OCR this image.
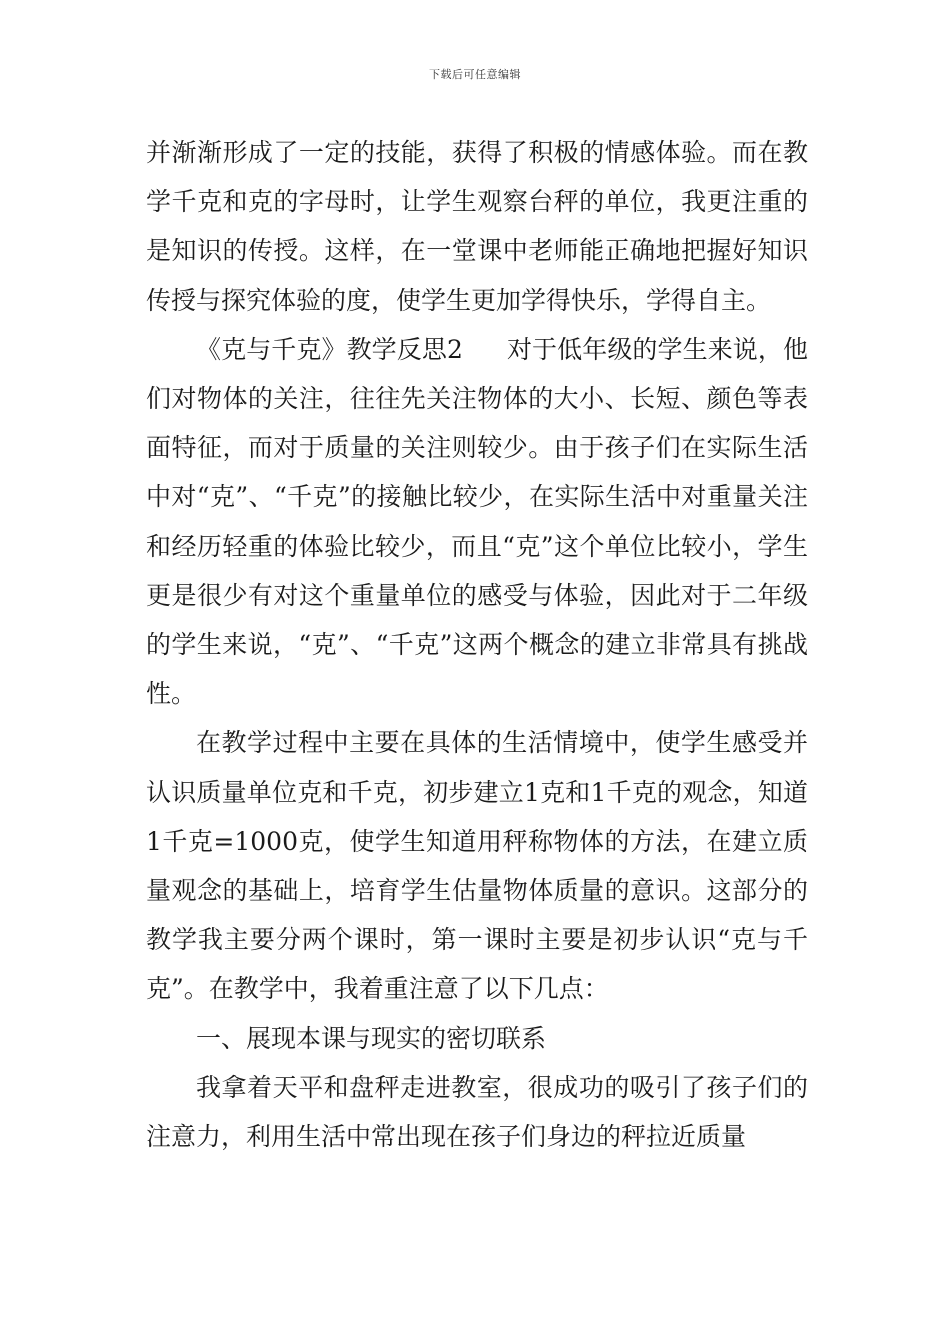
下载后可任意编辑

并渐渐形成了一定的技能，获得了积极的情感体验。而在教学千克和克的字母时，让学生观察台秤的单位，我更注重的是知识的传授。这样，在一堂课中老师能正确地把握好知识传授与探究体验的度，使学生更加学得快乐，学得自主。

《克与千克》教学反思2 对于低年级的学生来说，他们对物体的关注，往往先关注物体的大小、长短、颜色等表面特征，而对于质量的关注则较少。由于孩子们在实际生活中对“克”、“千克”的接触比较少，在实际生活中对重量关注和经历轻重的体验比较少，而且“克”这个单位比较小，学生更是很少有对这个重量单位的感受与体验，因此对于二年级的学生来说，“克”、“千克”这两个概念的建立非常具有挑战性。

在教学过程中主要在具体的生活情境中，使学生感受并认识质量单位克和千克，初步建立1克和1千克的观念，知道1千克=1000克，使学生知道用秤称物体的方法，在建立质量观念的基础上，培育学生估量物体质量的意识。这部分的教学我主要分两个课时，第一课时主要是初步认识“克与千克”。在教学中，我着重注意了以下几点：

一、展现本课与现实的密切联系

我拿着天平和盘秤走进教室，很成功的吸引了孩子们的注意力，利用生活中常出现在孩子们身边的秤拉近质量
